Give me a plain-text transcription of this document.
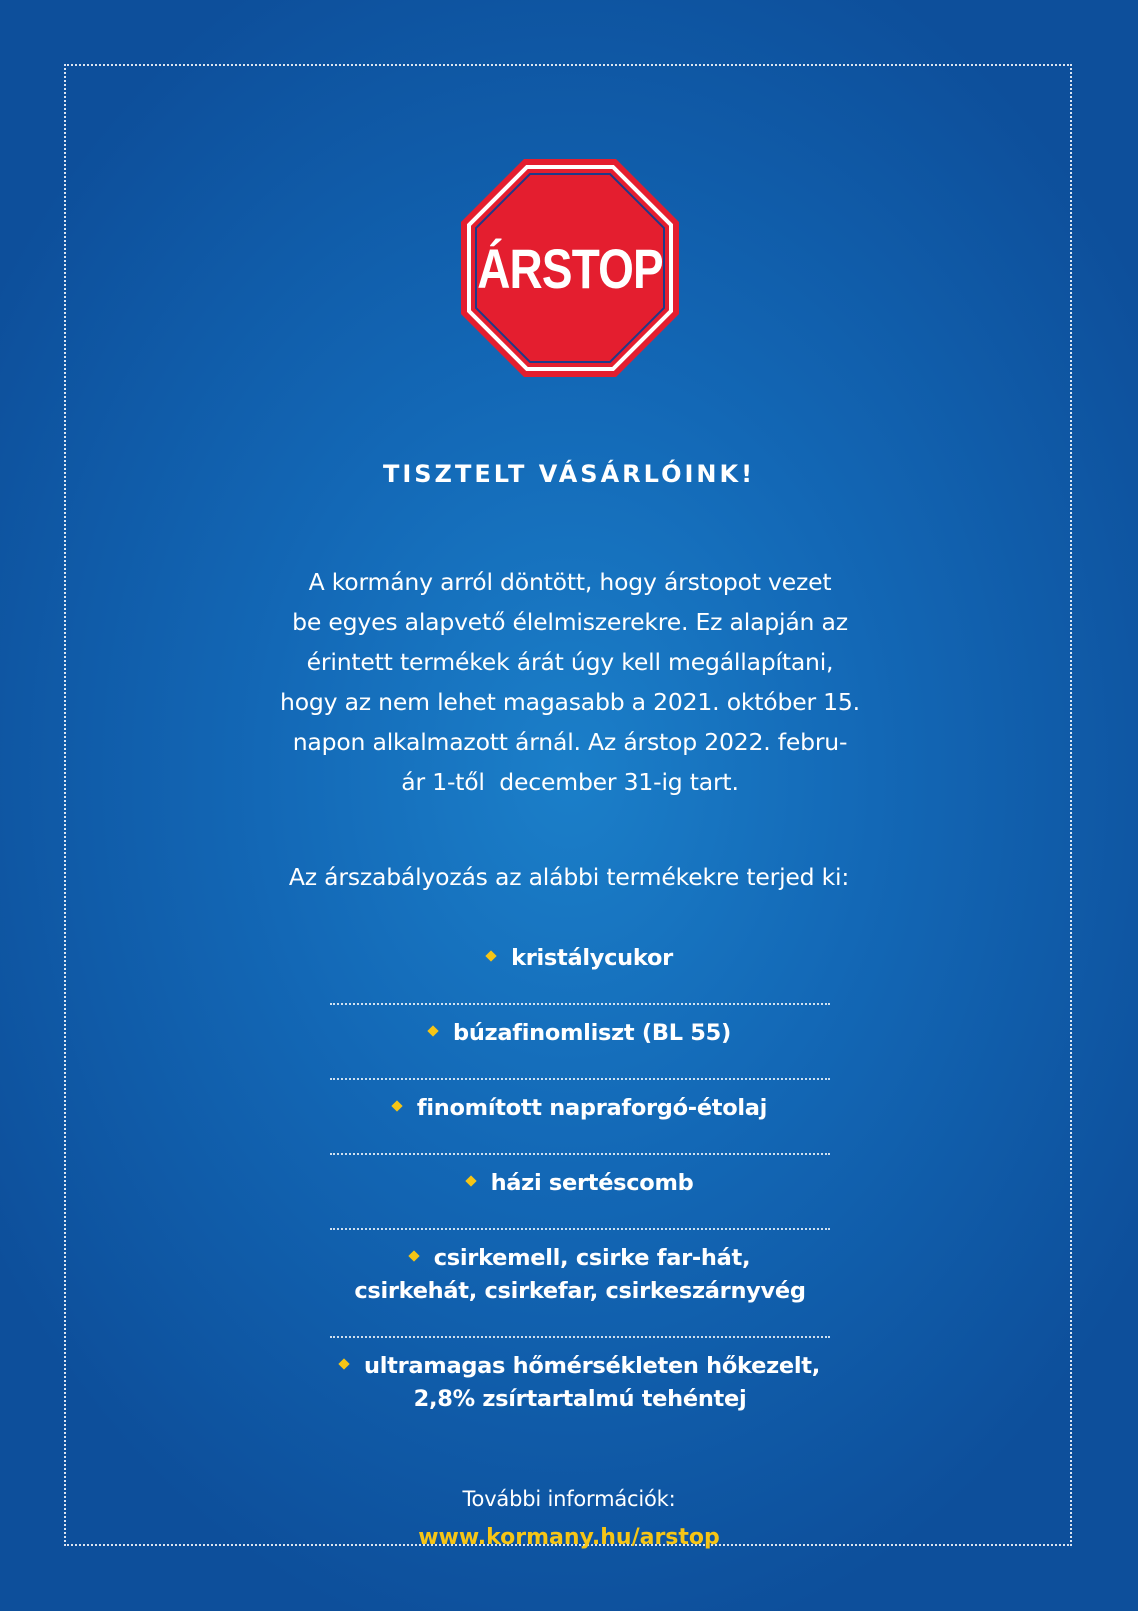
ÁRSTOP
TISZTELT VÁSÁRLÓINK!
A kormány arról döntött, hogy árstopot vezet
be egyes alapvető élelmiszerekre. Ez alapján az
érintett termékek árát úgy kell megállapítani,
hogy az nem lehet magasabb a 2021. október 15.
napon alkalmazott árnál. Az árstop 2022. febru-
ár 1-től  december 31-ig tart.
Az árszabályozás az alábbi termékekre terjed ki:
kristálycukor
búzafinomliszt (BL 55)
finomított napraforgó-étolaj
házi sertéscomb
csirkemell, csirke far-hát,
csirkehát, csirkefar, csirkeszárnyvég
ultramagas hőmérsékleten hőkezelt,
2,8% zsírtartalmú tehéntej
További információk:
www.kormany.hu/arstop
